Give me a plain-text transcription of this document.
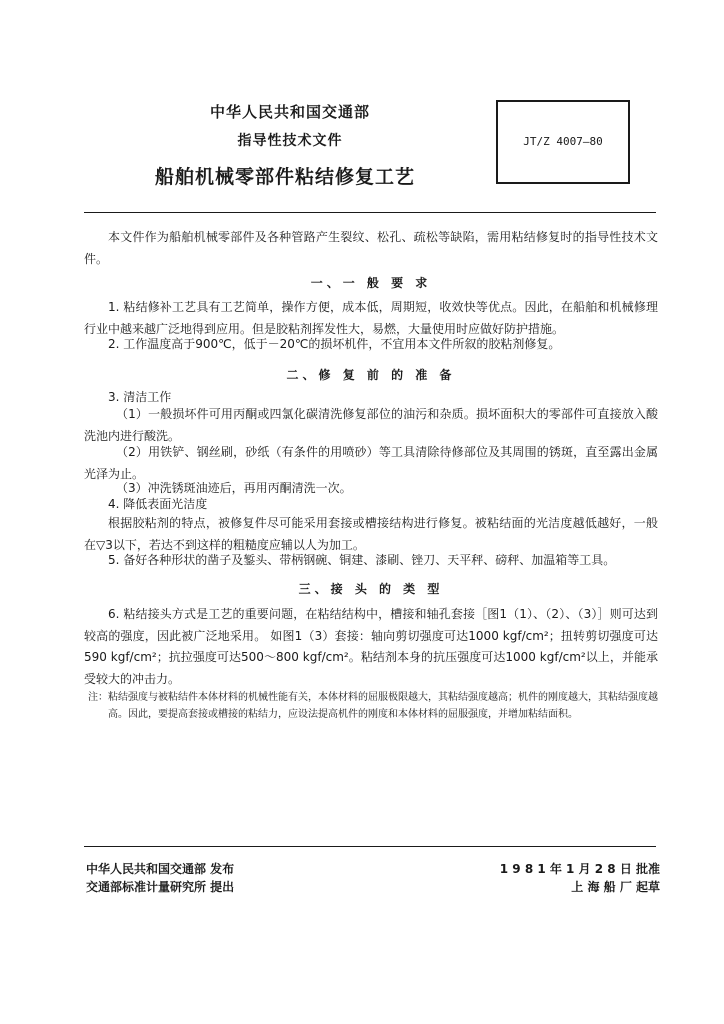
中华人民共和国交通部
指导性技术文件
船舶机械零部件粘结修复工艺
JT/Z 4007—80
本文件作为船舶机械零部件及各种管路产生裂纹、松孔、疏松等缺陷，需用粘结修复时的指导性技术文件。
一、一 般 要 求
1. 粘结修补工艺具有工艺简单，操作方便，成本低，周期短，收效快等优点。因此，在船舶和机械修理行业中越来越广泛地得到应用。但是胶粘剂挥发性大，易燃，大量使用时应做好防护措施。
2. 工作温度高于900℃，低于－20℃的损坏机件，不宜用本文件所叙的胶粘剂修复。
二、修 复 前 的 准 备
3. 清洁工作
（1）一般损坏件可用丙酮或四氯化碳清洗修复部位的油污和杂质。损坏面积大的零部件可直接放入酸洗池内进行酸洗。
（2）用铁铲、钢丝刷，砂纸（有条件的用喷砂）等工具清除待修部位及其周围的锈斑，直至露出金属光泽为止。
（3）冲洗锈斑油迹后，再用丙酮清洗一次。
4. 降低表面光洁度
根据胶粘剂的特点，被修复件尽可能采用套接或槽接结构进行修复。被粘结面的光洁度越低越好，一般在▽3以下，若达不到这样的粗糙度应辅以人为加工。
5. 备好各种形状的凿子及錾头、带柄钢碗、铜建、漆刷、锉刀、天平秤、磅秤、加温箱等工具。
三、接 头 的 类 型
6. 粘结接头方式是工艺的重要问题，在粘结结构中，槽接和轴孔套接［图1（1）、（2）、（3）］则可达到较高的强度，因此被广泛地采用。 如图1（3）套接：轴向剪切强度可达1000 kgf/cm²；扭转剪切强度可达590 kgf/cm²；抗拉强度可达500～800 kgf/cm²。粘结剂本身的抗压强度可达1000 kgf/cm²以上，并能承受较大的冲击力。
注： 粘结强度与被粘结件本体材料的机械性能有关，本体材料的屈服极限越大，其粘结强度越高；机件的刚度越大，其粘结强度越高。因此，要提高套接或槽接的粘结力，应设法提高机件的刚度和本体材料的屈服强度，并增加粘结面积。
中华人民共和国交通部 发布
交通部标准计量研究所 提出
1 9 8 1 年 1 月 2 8 日 批准
上 海 船 厂 起草
